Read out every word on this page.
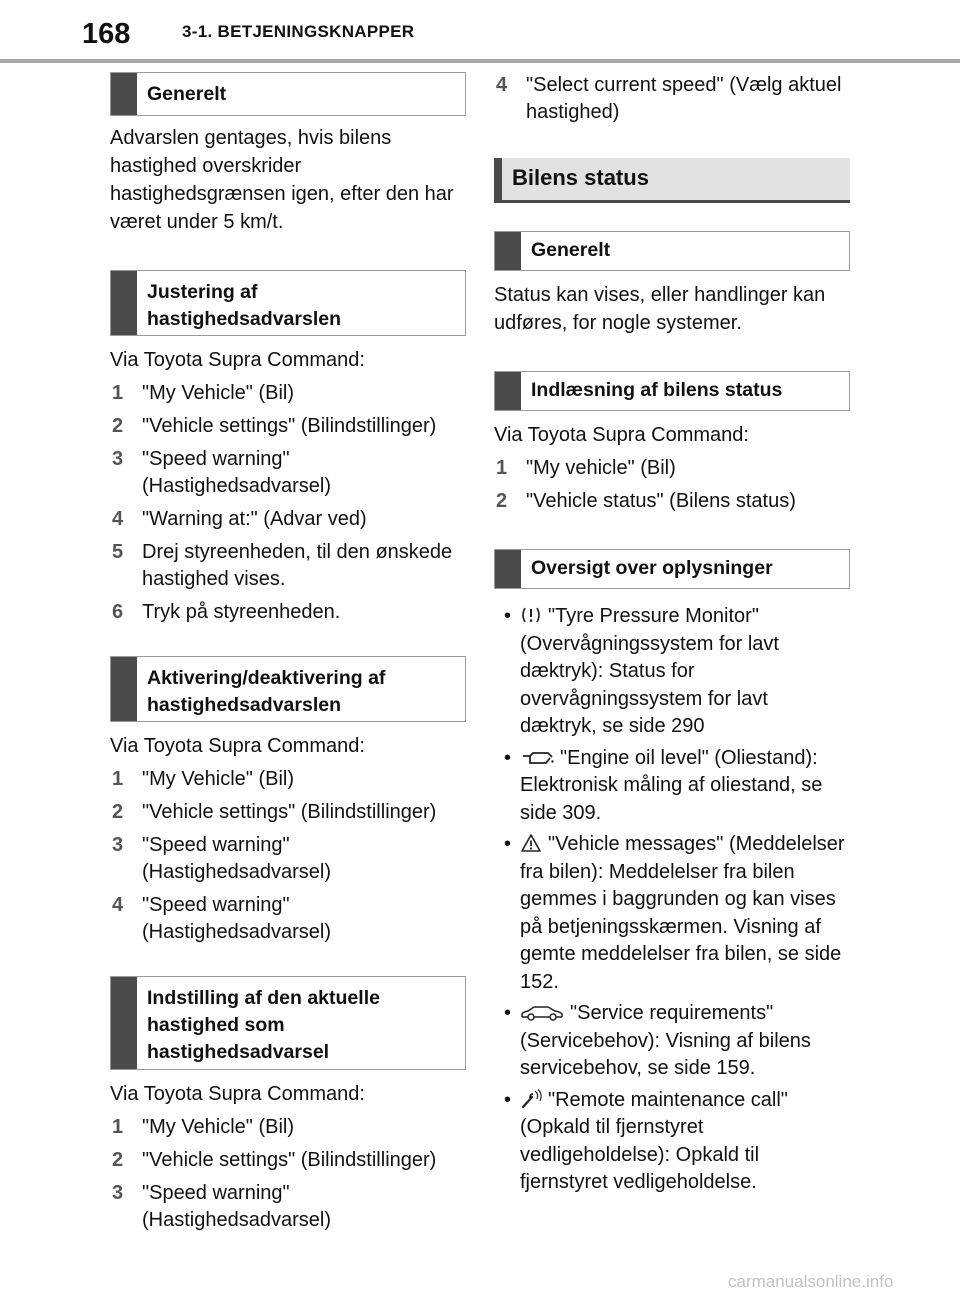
168	3-1. BETJENINGSKNAPPER
Generelt

Advarslen gentages, hvis bilens hastighed overskrider hastighedsgrænsen igen, efter den har været under 5 km/t.

Justering af hastighedsadvarslen

Via Toyota Supra Command:

1 "My Vehicle" (Bil)
2 "Vehicle settings" (Bilindstillinger)
3 "Speed warning" (Hastighedsadvarsel)
4 "Warning at:" (Advar ved)
5 Drej styreenheden, til den ønskede hastighed vises.
6 Tryk på styreenheden.
Aktivering/deaktivering af hastighedsadvarslen

Via Toyota Supra Command:

1 "My Vehicle" (Bil)
2 "Vehicle settings" (Bilindstillinger)
3 "Speed warning" (Hastighedsadvarsel)
4 "Speed warning" (Hastighedsadvarsel)
Indstilling af den aktuelle hastighed som hastighedsadvarsel

Via Toyota Supra Command:

1 "My Vehicle" (Bil)
2 "Vehicle settings" (Bilindstillinger)
3 "Speed warning" (Hastighedsadvarsel)
4 "Select current speed" (Vælg aktuel hastighed)
Bilens status
Generelt

Status kan vises, eller handlinger kan udføres, for nogle systemer.

Indlæsning af bilens status

Via Toyota Supra Command:

1 "My vehicle" (Bil)
2 "Vehicle status" (Bilens status)
Oversigt over oplysninger
• "Tyre Pressure Monitor" (Overvågningssystem for lavt dæktryk): Status for overvågningssystem for lavt dæktryk, se side 290
• "Engine oil level" (Oliestand): Elektronisk måling af oliestand, se side 309.
• "Vehicle messages" (Meddelelser fra bilen): Meddelelser fra bilen gemmes i baggrunden og kan vises på betjeningsskærmen. Visning af gemte meddelelser fra bilen, se side 152.
•	"Service requirements" (Servicebehov): Visning af bilens servicebehov, se side 159.
• "Remote maintenance call" (Opkald til fjernstyret vedligeholdelse): Opkald til fjernstyret vedligeholdelse.
carmanualsonline.info
